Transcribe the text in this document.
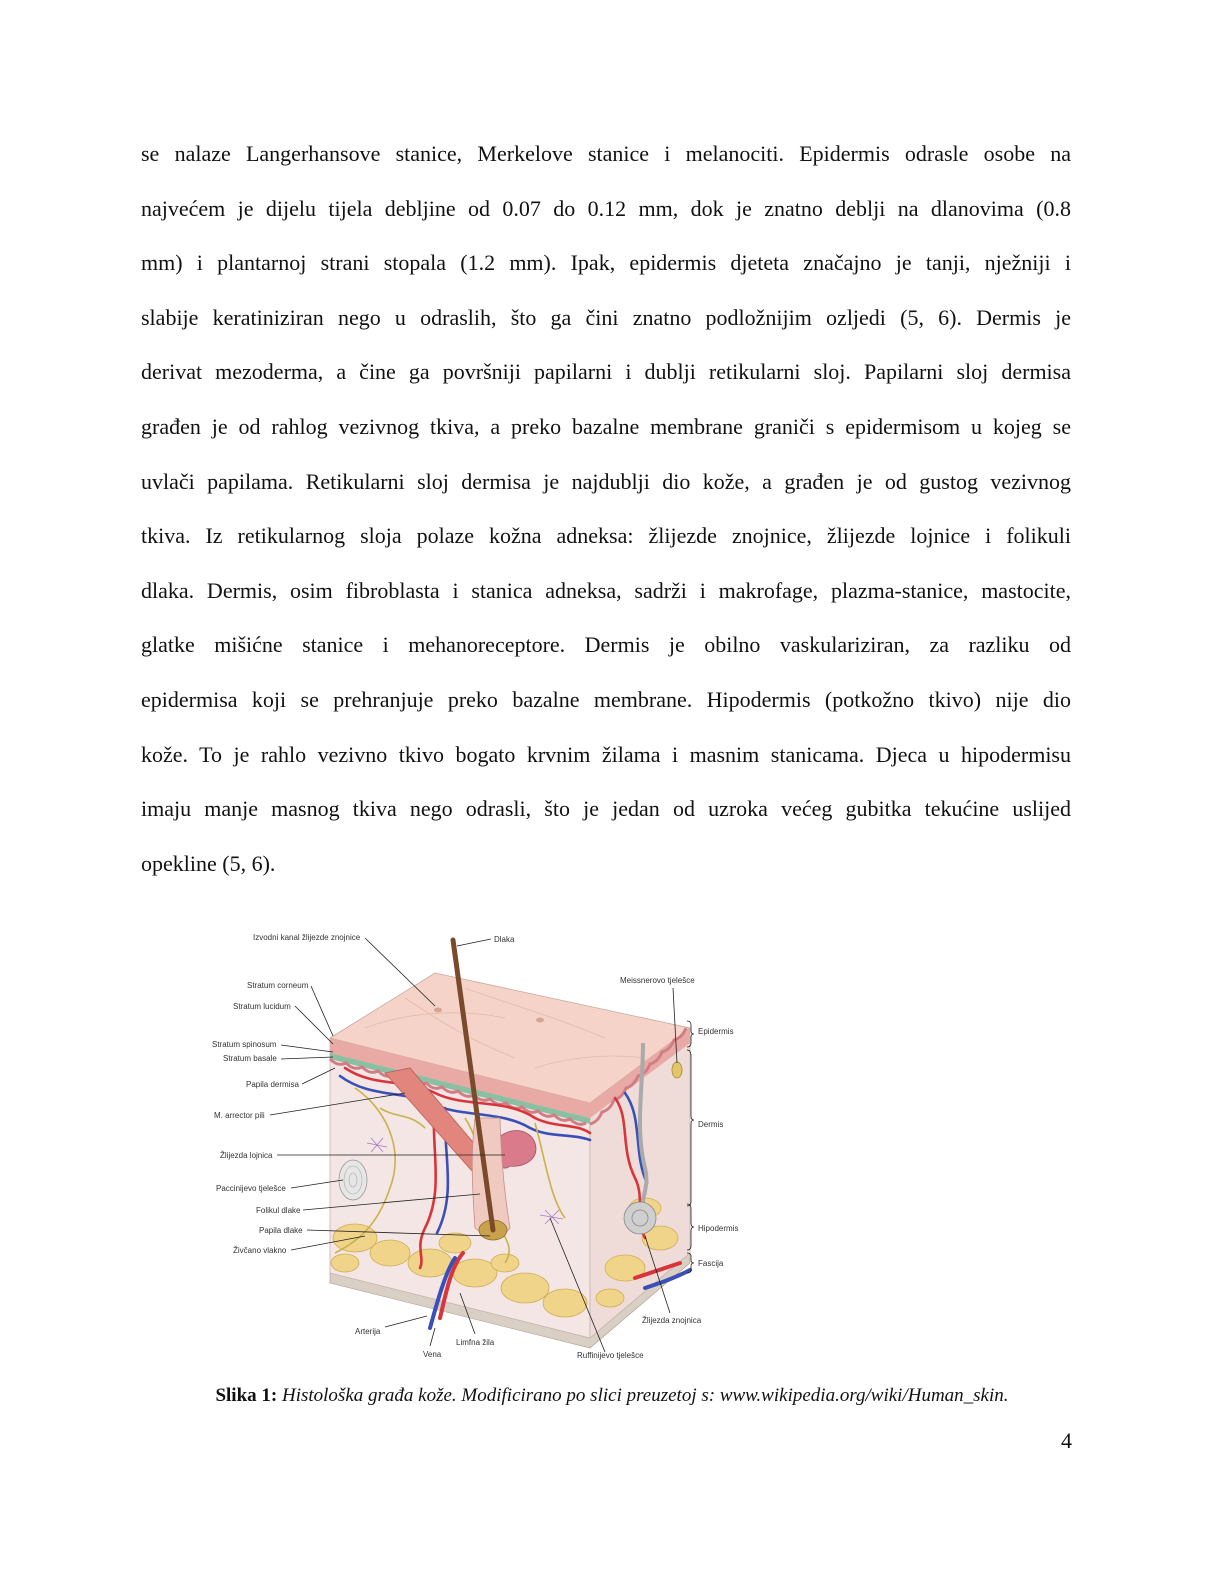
se nalaze Langerhansove stanice, Merkelove stanice i melanociti. Epidermis odrasle osobe na
najvećem je dijelu tijela debljine od 0.07 do 0.12 mm, dok je znatno deblji na dlanovima (0.8
mm) i plantarnoj strani stopala (1.2 mm). Ipak, epidermis djeteta značajno je tanji, nježniji i
slabije keratiniziran nego u odraslih, što ga čini znatno podložnijim ozljedi (5, 6). Dermis je
derivat mezoderma, a čine ga površniji papilarni i dublji retikularni sloj. Papilarni sloj dermisa
građen je od rahlog vezivnog tkiva, a preko bazalne membrane graniči s epidermisom u kojeg se
uvlači papilama. Retikularni sloj dermisa je najdublji dio kože, a građen je od gustog vezivnog
tkiva. Iz retikularnog sloja polaze kožna adneksa: žlijezde znojnice, žlijezde lojnice i folikuli
dlaka. Dermis, osim fibroblasta i stanica adneksa, sadrži i makrofage, plazma-stanice, mastocite,
glatke mišićne stanice i mehanoreceptore. Dermis je obilno vaskulariziran, za razliku od
epidermisa koji se prehranjuje preko bazalne membrane. Hipodermis (potkožno tkivo) nije dio
kože. To je rahlo vezivno tkivo bogato krvnim žilama i masnim stanicama. Djeca u hipodermisu
imaju manje masnog tkiva nego odrasli, što je jedan od uzroka većeg gubitka tekućine uslijed
opekline (5, 6).
Izvodni kanal žlijezde znojnice	Dlaka
Stratum corneum
Stratum lucidum
Stratum spinosum
Stratum basale
Papila dermisa
M. arrector pili
Žlijezda lojnica
Paccinijevo tjelešce
Folikul dlake
Papila dlake
Živčano vlakno
Arterija
Vena
Limfna žila
Ruffinijevo tjelešce
Žlijezda znojnica
Meissnerovo tjelešce
Epidermis
Dermis
Hipodermis
Fascija
Slika 1: Histološka građa kože. Modificirano po slici preuzetoj s: www.wikipedia.org/wiki/Human_skin.
4
